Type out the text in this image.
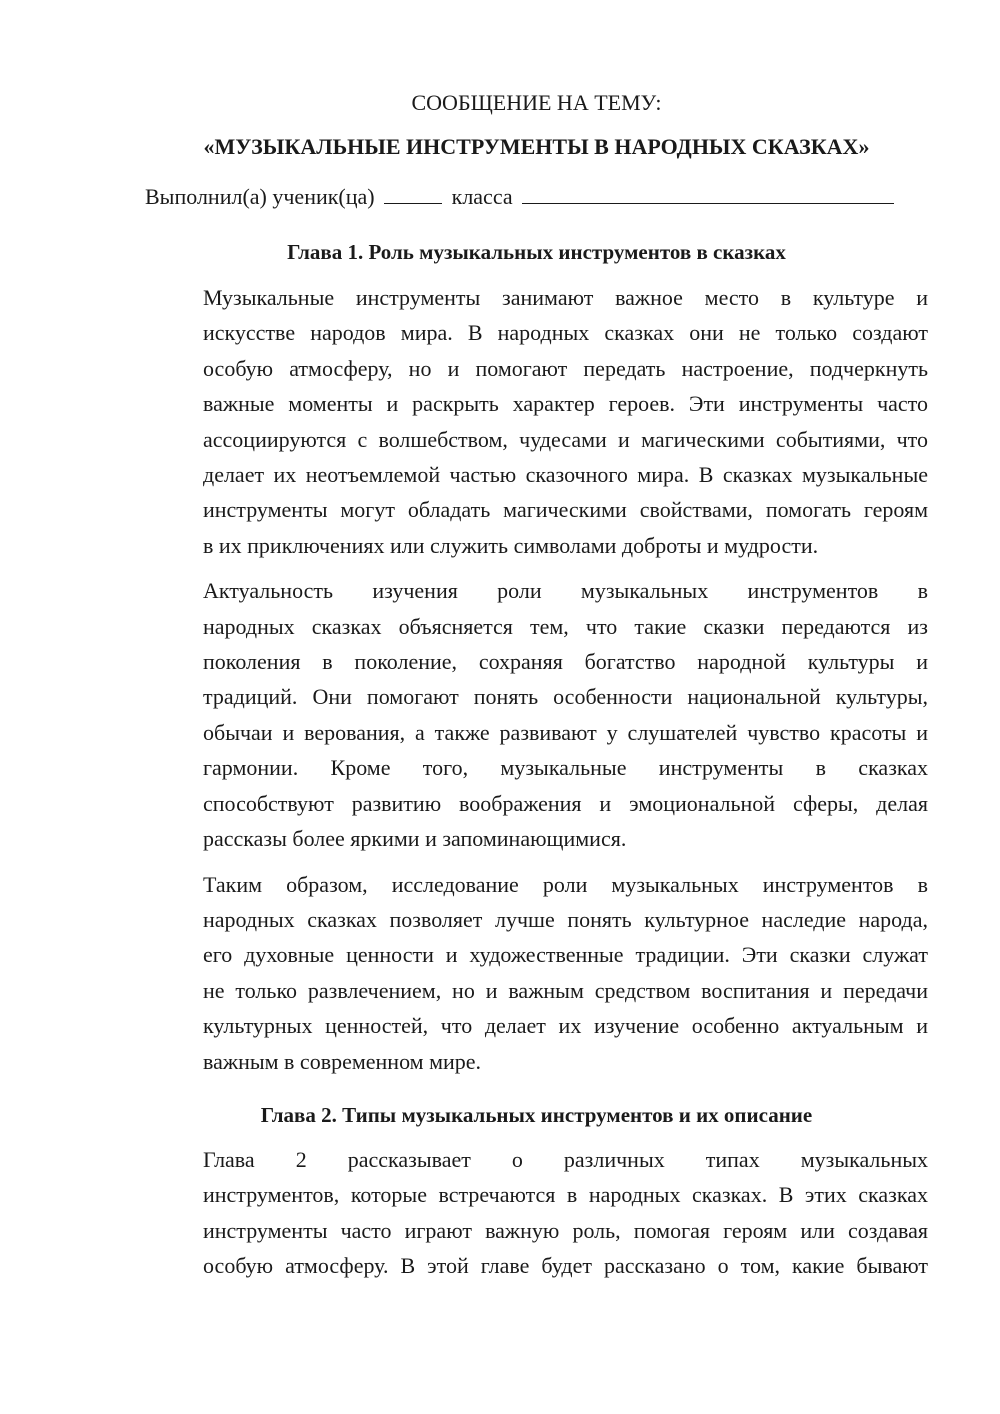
СООБЩЕНИЕ НА ТЕМУ:

«МУЗЫКАЛЬНЫЕ ИНСТРУМЕНТЫ В НАРОДНЫХ СКАЗКАХ»

Выполнил(а) ученик(ца)	класса
Глава 1. Роль музыкальных инструментов в сказках
Музыкальные инструменты занимают важное место в культуре и
искусстве народов мира. В народных сказках они не только создают
особую атмосферу, но и помогают передать настроение, подчеркнуть
важные моменты и раскрыть характер героев. Эти инструменты часто
ассоциируются с волшебством, чудесами и магическими событиями, что
делает их неотъемлемой частью сказочного мира. В сказках музыкальные
инструменты могут обладать магическими свойствами, помогать героям
в их приключениях или служить символами доброты и мудрости.
Актуальность изучения роли музыкальных инструментов в
народных сказках объясняется тем, что такие сказки передаются из
поколения в поколение, сохраняя богатство народной культуры и
традиций. Они помогают понять особенности национальной культуры,
обычаи и верования, а также развивают у слушателей чувство красоты и
гармонии. Кроме того, музыкальные инструменты в сказках
способствуют развитию воображения и эмоциональной сферы, делая
рассказы более яркими и запоминающимися.
Таким образом, исследование роли музыкальных инструментов в
народных сказках позволяет лучше понять культурное наследие народа,
его духовные ценности и художественные традиции. Эти сказки служат
не только развлечением, но и важным средством воспитания и передачи
культурных ценностей, что делает их изучение особенно актуальным и
важным в современном мире.
Глава 2. Типы музыкальных инструментов и их описание
Глава 2 рассказывает о различных типах музыкальных
инструментов, которые встречаются в народных сказках. В этих сказках
инструменты часто играют важную роль, помогая героям или создавая
особую атмосферу. В этой главе будет рассказано о том, какие бывают
